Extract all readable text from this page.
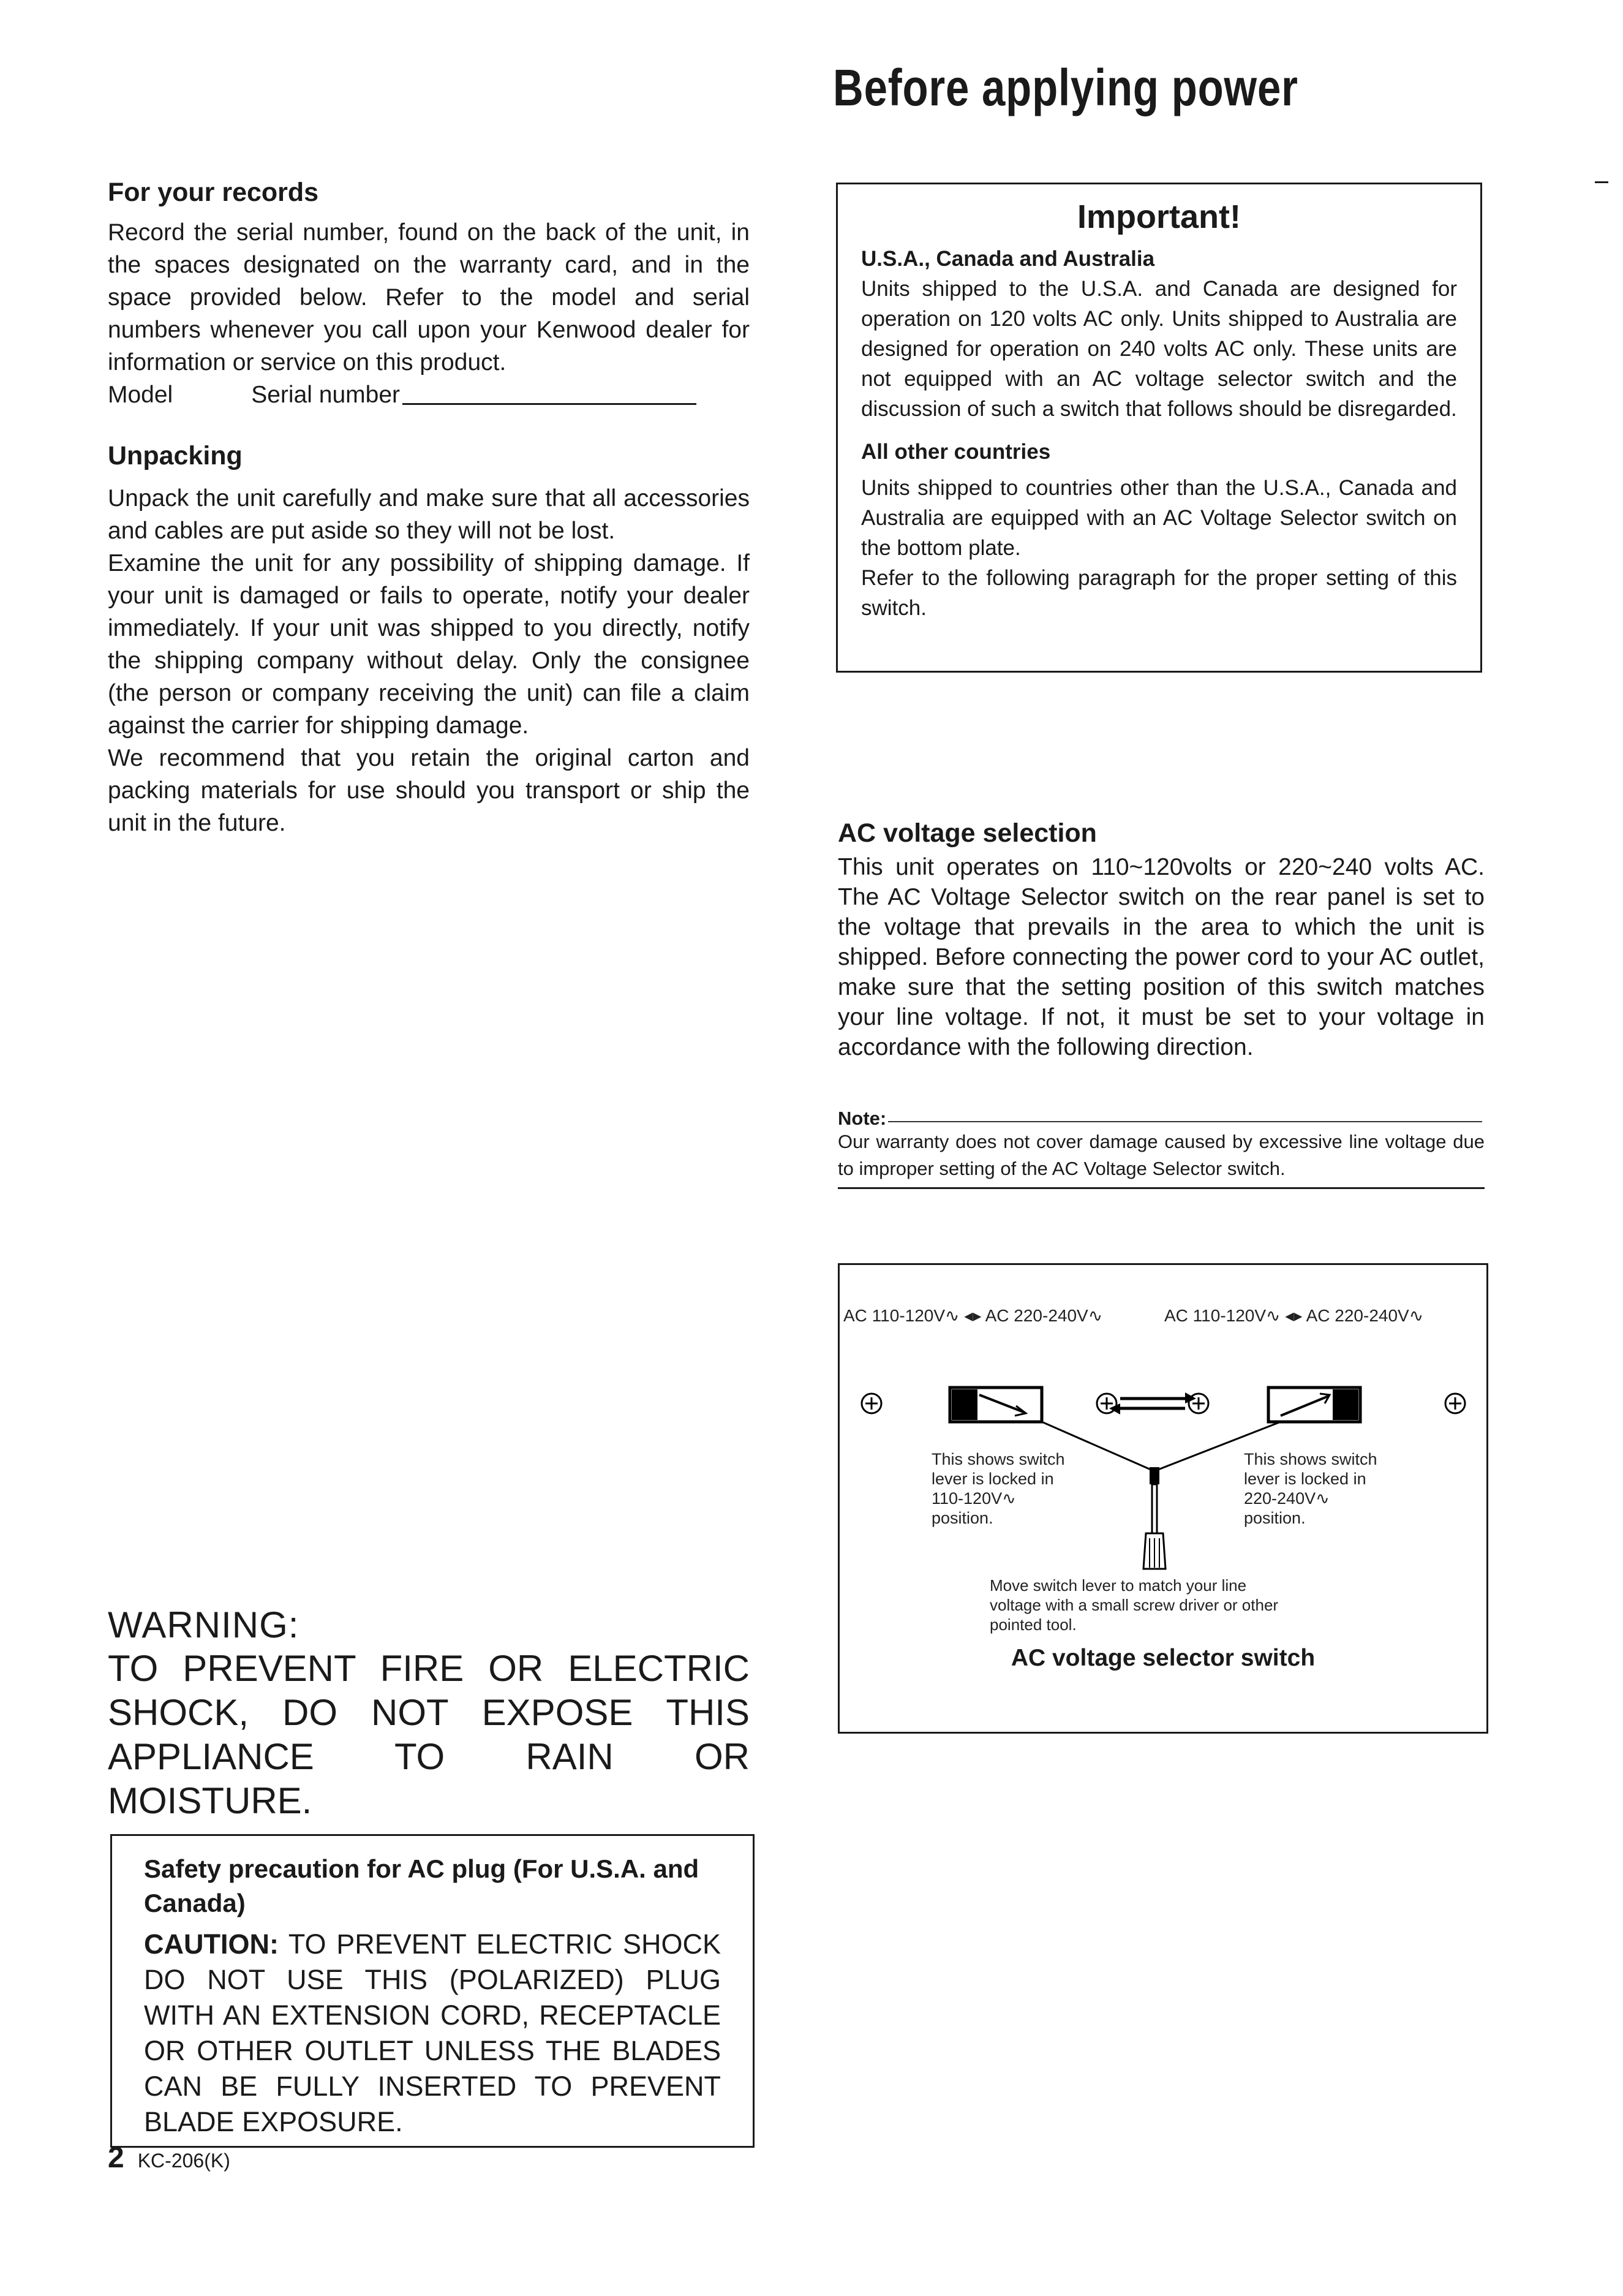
Before applying power
For your records
Record the serial number, found on the back of the unit, in the spaces designated on the warranty card, and in the space provided below. Refer to the model and serial numbers whenever you call upon your Kenwood dealer for information or service on this product.
Model	Serial number
Unpacking

Unpack the unit carefully and make sure that all accessories and cables are put aside so they will not be lost.

Examine the unit for any possibility of shipping damage. If your unit is damaged or fails to operate, notify your dealer immediately. If your unit was shipped to you directly, notify the shipping company without delay. Only the consignee (the person or company receiving the unit) can file a claim against the carrier for shipping damage.

We recommend that you retain the original carton and packing materials for use should you transport or ship the unit in the future.

Important!
U.S.A., Canada and Australia
Units shipped to the U.S.A. and Canada are designed for operation on 120 volts AC only. Units shipped to Australia are designed for operation on 240 volts AC only. These units are not equipped with an AC voltage selector switch and the discussion of such a switch that follows should be disregarded.
All other countries

Units shipped to countries other than the U.S.A., Canada and Australia are equipped with an AC Voltage Selector switch on the bottom plate.

Refer to the following paragraph for the proper setting of this switch.

AC voltage selection
This unit operates on 110~120volts or 220~240 volts AC. The AC Voltage Selector switch on the rear panel is set to the voltage that prevails in the area to which the unit is shipped. Before connecting the power cord to your AC outlet, make sure that the setting position of this switch matches your line voltage. If not, it must be set to your voltage in accordance with the following direction.
Note:
Our warranty does not cover damage caused by excessive line voltage due to improper setting of the AC Voltage Selector switch.
AC 110-120V∿ ◂▸ AC 220-240V∿	AC 110-120V∿ ◂▸ AC 220-240V∿
This shows switch
lever is locked in
110-120V∿
position.
This shows switch
lever is locked in
220-240V∿
position.
Move switch lever to match your line
voltage with a small screw driver or other
pointed tool.
AC voltage selector switch
WARNING:
TO PREVENT FIRE OR ELECTRIC
SHOCK, DO NOT EXPOSE THIS
APPLIANCE TO RAIN OR MOISTURE.
Safety precaution for AC plug (For U.S.A. and Canada)
CAUTION: TO PREVENT ELECTRIC SHOCK
DO NOT USE THIS (POLARIZED) PLUG
WITH AN EXTENSION CORD, RECEPTACLE
OR OTHER OUTLET UNLESS THE BLADES
CAN BE FULLY INSERTED TO PREVENT
BLADE EXPOSURE.
2 KC-206(K)
